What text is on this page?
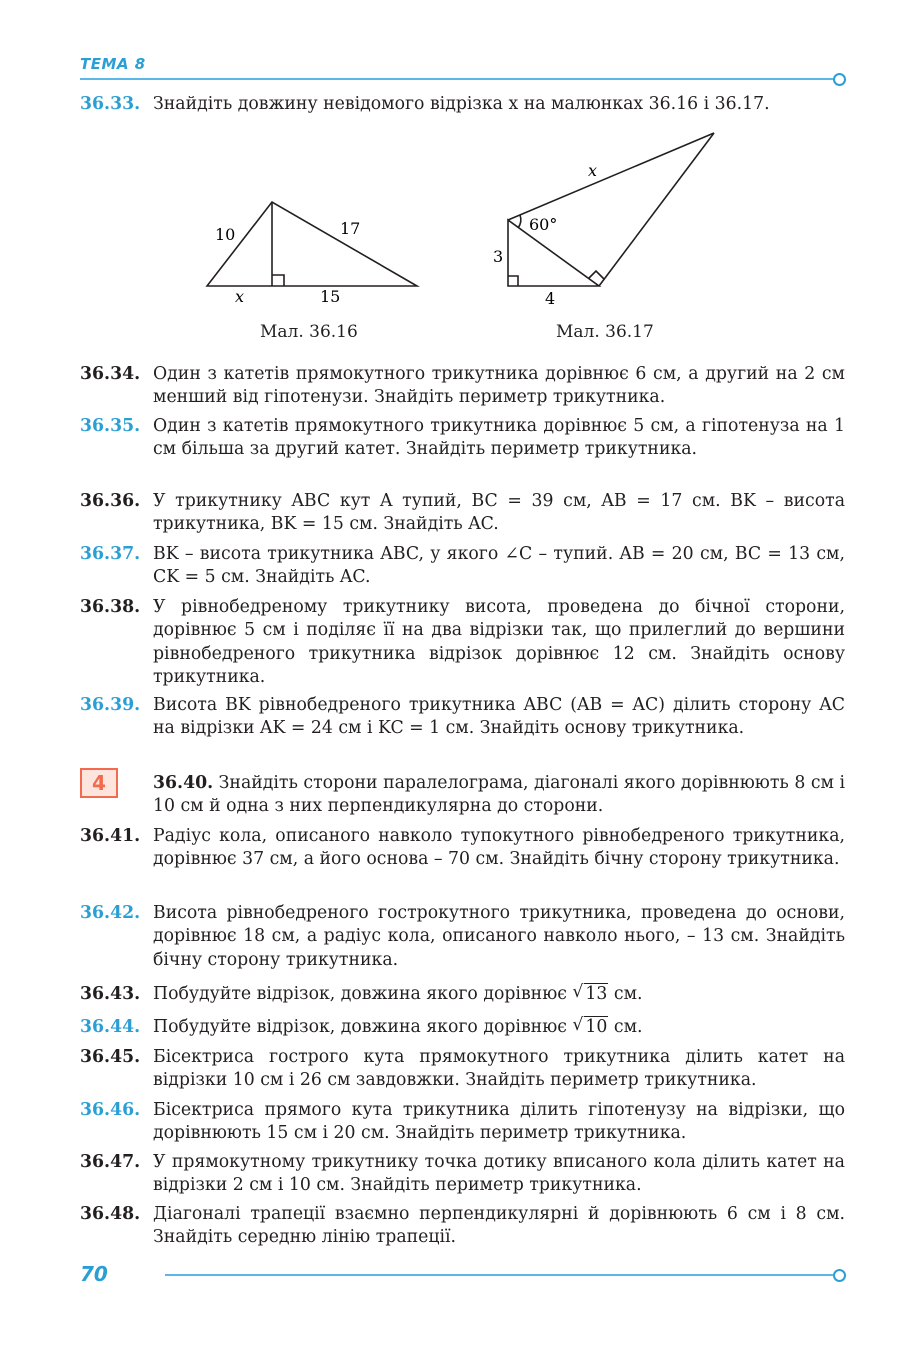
ТЕМА 8
36.33. Знайдіть довжину невідомого відрізка x на малюнках 36.16 і 36.17.
10	17
x	15
x
60°
3
4
Мал. 36.16	Мал. 36.17
36.34. Один з катетів прямокутного трикутника дорівнює 6 см, а другий на 2 см менший від гіпотенузи. Знайдіть периметр трикутника.
36.35. Один з катетів прямокутного трикутника дорівнює 5 см, а гіпотенуза на 1 см більша за другий катет. Знайдіть периметр трикутника.
36.36. У трикутнику ABC кут A тупий, BC = 39 см, AB = 17 см. BK – висота трикутника, BK = 15 см. Знайдіть AC.
36.37. BK – висота трикутника ABC, у якого ∠C – тупий. AB = 20 см, BC = 13 см, CK = 5 см. Знайдіть AC.
36.38. У рівнобедреному трикутнику висота, проведена до бічної сторони, дорівнює 5 см і поділяє її на два відрізки так, що прилеглий до вершини рівнобедреного трикутника відрізок дорівнює 12 см. Знайдіть основу трикутника.
36.39. Висота BK рівнобедреного трикутника ABC (AB = AC) ділить сторону AC на відрізки AK = 24 см і KC = 1 см. Знайдіть основу трикутника.
4	36.40. Знайдіть сторони паралелограма, діагоналі якого дорівнюють 8 см і 10 см й одна з них перпендикулярна до сторони.
36.41. Радіус кола, описаного навколо тупокутного рівнобедреного трикутника, дорівнює 37 см, а його основа – 70 см. Знайдіть бічну сторону трикутника.
36.42. Висота рівнобедреного гострокутного трикутника, проведена до основи, дорівнює 18 см, а радіус кола, описаного навколо нього, – 13 см. Знайдіть бічну сторону трикутника.
36.43. Побудуйте відрізок, довжина якого дорівнює √ 13 см.
36.44. Побудуйте відрізок, довжина якого дорівнює √ 10 см.
36.45. Бісектриса гострого кута прямокутного трикутника ділить катет на відрізки 10 см і 26 см завдовжки. Знайдіть периметр трикутника.
36.46. Бісектриса прямого кута трикутника ділить гіпотенузу на відрізки, що дорівнюють 15 см і 20 см. Знайдіть периметр трикутника.
36.47. У прямокутному трикутнику точка дотику вписаного кола ділить катет на відрізки 2 см і 10 см. Знайдіть периметр трикутника.
36.48. Діагоналі трапеції взаємно перпендикулярні й дорівнюють 6 см і 8 см. Знайдіть середню лінію трапеції.
70
